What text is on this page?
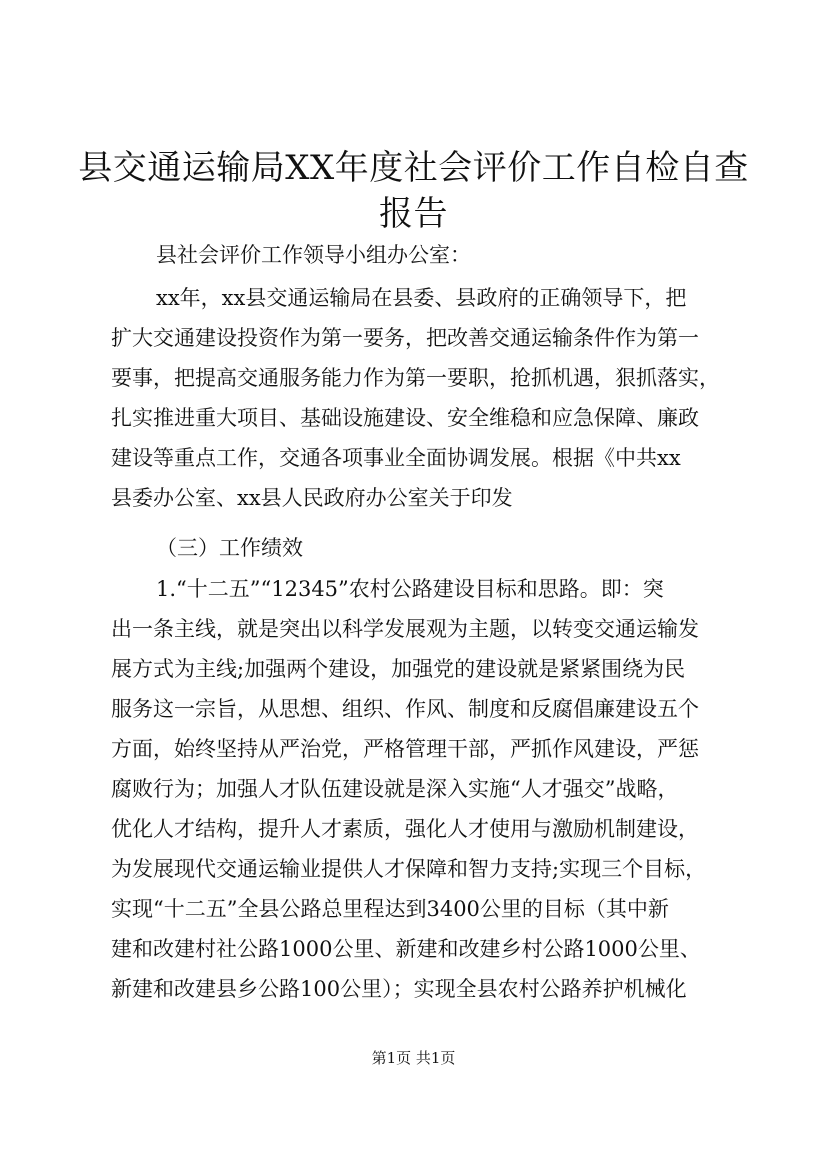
县交通运输局XX年度社会评价工作自检自查
报告
县社会评价工作领导小组办公室：
xx年，xx县交通运输局在县委、县政府的正确领导下，把
扩大交通建设投资作为第一要务，把改善交通运输条件作为第一
要事，把提高交通服务能力作为第一要职，抢抓机遇，狠抓落实，
扎实推进重大项目、基础设施建设、安全维稳和应急保障、廉政
建设等重点工作，交通各项事业全面协调发展。根据《中共xx
县委办公室、xx县人民政府办公室关于印发
（三）工作绩效
1.“十二五”“12345”农村公路建设目标和思路。即：突
出一条主线，就是突出以科学发展观为主题，以转变交通运输发
展方式为主线;加强两个建设，加强党的建设就是紧紧围绕为民
服务这一宗旨，从思想、组织、作风、制度和反腐倡廉建设五个
方面，始终坚持从严治党，严格管理干部，严抓作风建设，严惩
腐败行为；加强人才队伍建设就是深入实施“人才强交”战略，
优化人才结构，提升人才素质，强化人才使用与激励机制建设，
为发展现代交通运输业提供人才保障和智力支持;实现三个目标，
实现“十二五”全县公路总里程达到3400公里的目标（其中新
建和改建村社公路1000公里、新建和改建乡村公路1000公里、
新建和改建县乡公路100公里）；实现全县农村公路养护机械化
第1页 共1页
